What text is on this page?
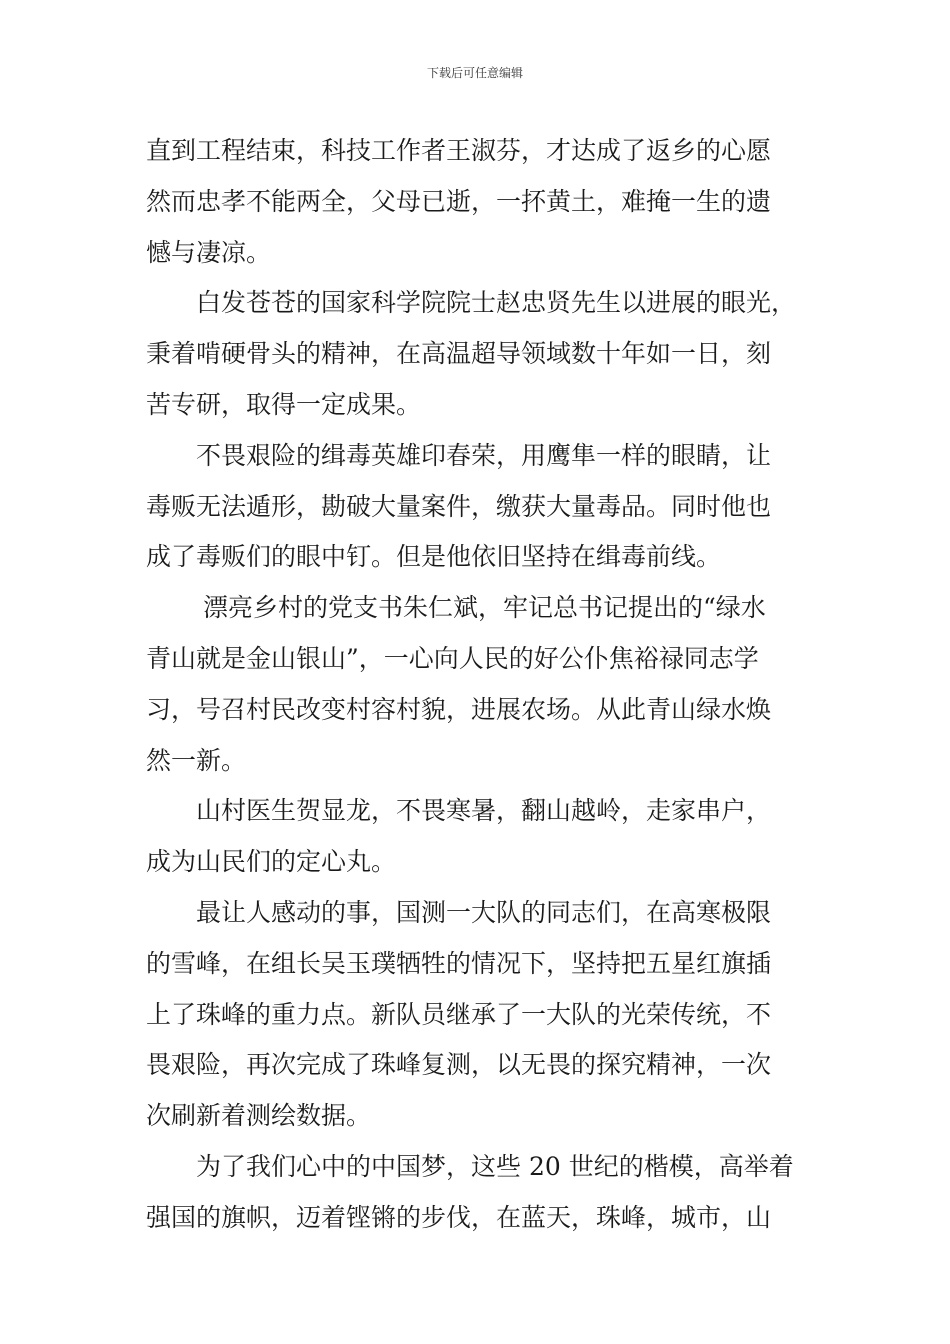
下载后可任意编辑
直到工程结束，科技工作者王淑芬，才达成了返乡的心愿
然而忠孝不能两全，父母已逝，一抔黄土，难掩一生的遗
憾与凄凉。
白发苍苍的国家科学院院士赵忠贤先生以进展的眼光，
秉着啃硬骨头的精神，在高温超导领域数十年如一日，刻
苦专研，取得一定成果。
不畏艰险的缉毒英雄印春荣，用鹰隼一样的眼睛，让
毒贩无法遁形，勘破大量案件，缴获大量毒品。同时他也
成了毒贩们的眼中钉。但是他依旧坚持在缉毒前线。
漂亮乡村的党支书朱仁斌，牢记总书记提出的“绿水
青山就是金山银山”，一心向人民的好公仆焦裕禄同志学
习，号召村民改变村容村貌，进展农场。从此青山绿水焕
然一新。
山村医生贺显龙，不畏寒暑，翻山越岭，走家串户，
成为山民们的定心丸。
最让人感动的事，国测一大队的同志们，在高寒极限
的雪峰，在组长吴玉璞牺牲的情况下，坚持把五星红旗插
上了珠峰的重力点。新队员继承了一大队的光荣传统，不
畏艰险，再次完成了珠峰复测，以无畏的探究精神，一次
次刷新着测绘数据。
为了我们心中的中国梦，这些 20 世纪的楷模，高举着
强国的旗帜，迈着铿锵的步伐，在蓝天，珠峰，城市，山
